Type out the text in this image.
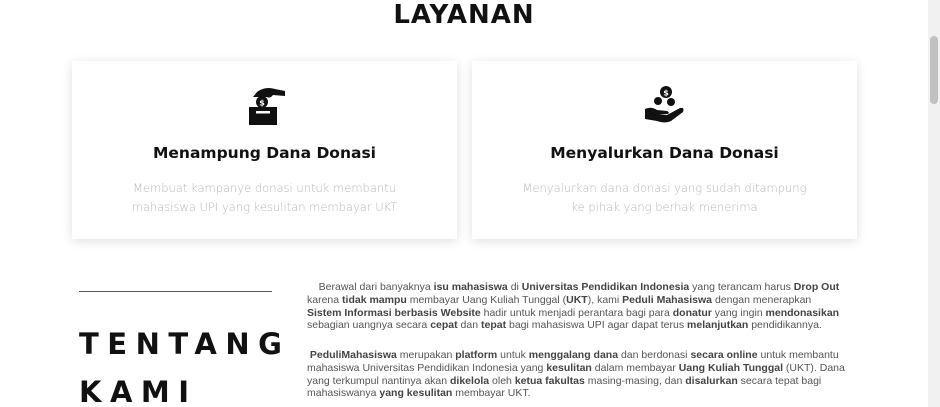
LAYANAN
$
Menampung Dana Donasi
Membuat kampanye donasi untuk membantu
mahasiswa UPI yang kesulitan membayar UKT
$
Menyalurkan Dana Donasi
Menyalurkan dana donasi yang sudah ditampung
ke pihak yang berhak menerima
TENTANG
KAMI

Berawal dari banyaknya isu mahasiswa di Universitas Pendidikan Indonesia yang terancam harus Drop Out karena tidak mampu membayar Uang Kuliah Tunggal (UKT), kami Peduli Mahasiswa dengan menerapkan Sistem Informasi berbasis Website hadir untuk menjadi perantara bagi para donatur yang ingin mendonasikan sebagian uangnya secara cepat dan tepat bagi mahasiswa UPI agar dapat terus melanjutkan pendidikannya.

PeduliMahasiswa merupakan platform untuk menggalang dana dan berdonasi secara online untuk membantu mahasiswa Universitas Pendidikan Indonesia yang kesulitan dalam membayar Uang Kuliah Tunggal (UKT). Dana yang terkumpul nantinya akan dikelola oleh ketua fakultas masing-masing, dan disalurkan secara tepat bagi mahasiswanya yang kesulitan membayar UKT.
